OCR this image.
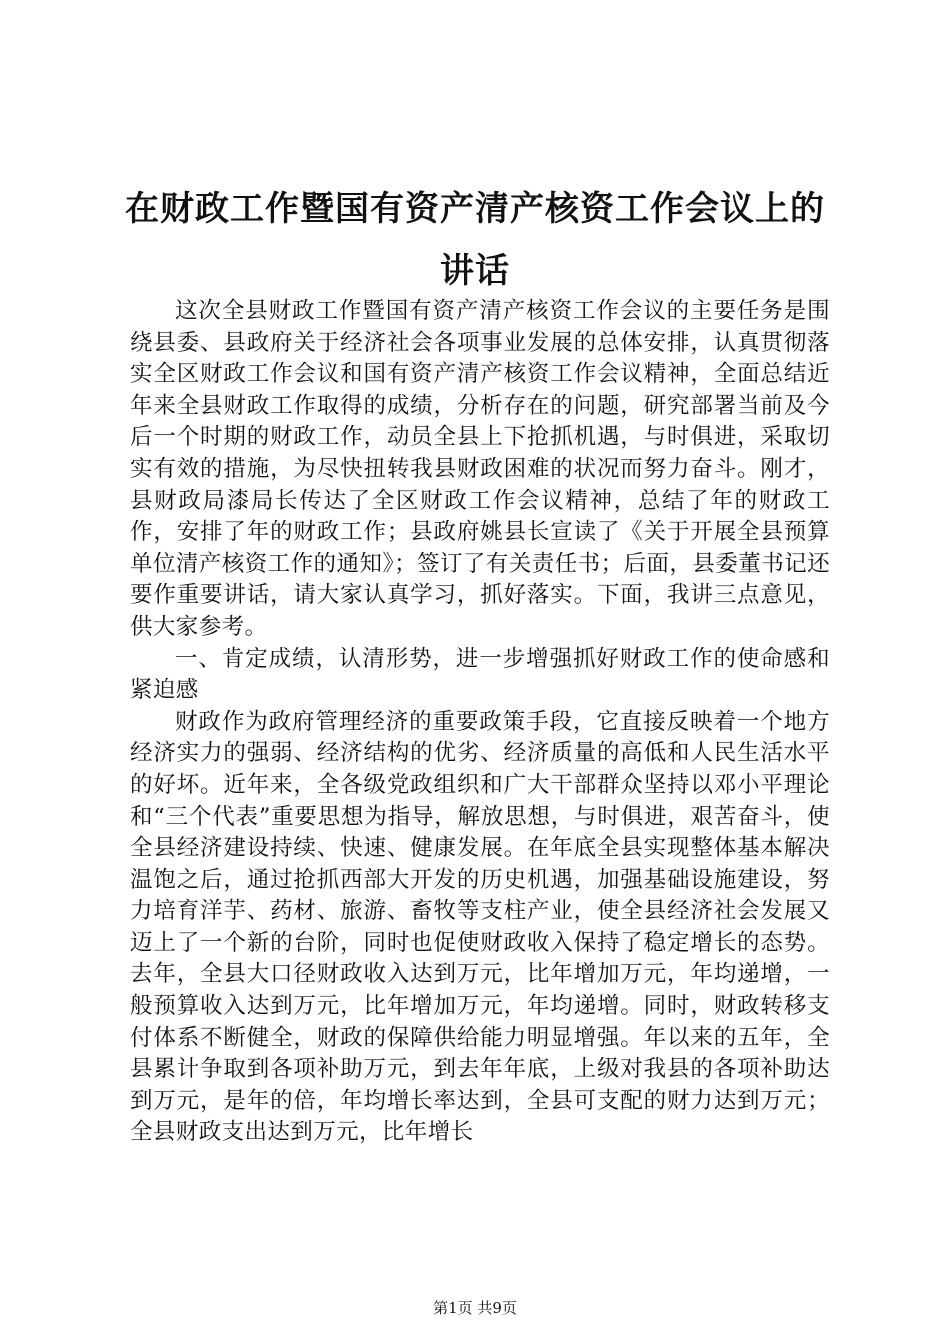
在财政工作暨国有资产清产核资工作会议上的
讲话

这次全县财政工作暨国有资产清产核资工作会议的主要任务是围绕县委、县政府关于经济社会各项事业发展的总体安排，认真贯彻落实全区财政工作会议和国有资产清产核资工作会议精神，全面总结近年来全县财政工作取得的成绩，分析存在的问题，研究部署当前及今后一个时期的财政工作，动员全县上下抢抓机遇，与时俱进，采取切实有效的措施，为尽快扭转我县财政困难的状况而努力奋斗。刚才，县财政局漆局长传达了全区财政工作会议精神，总结了年的财政工作，安排了年的财政工作；县政府姚县长宣读了《关于开展全县预算单位清产核资工作的通知》；签订了有关责任书；后面，县委董书记还要作重要讲话，请大家认真学习，抓好落实。下面，我讲三点意见，供大家参考。

一、肯定成绩，认清形势，进一步增强抓好财政工作的使命感和紧迫感

财政作为政府管理经济的重要政策手段，它直接反映着一个地方经济实力的强弱、经济结构的优劣、经济质量的高低和人民生活水平的好坏。近年来，全各级党政组织和广大干部群众坚持以邓小平理论和“三个代表”重要思想为指导，解放思想，与时俱进，艰苦奋斗，使全县经济建设持续、快速、健康发展。在年底全县实现整体基本解决温饱之后，通过抢抓西部大开发的历史机遇，加强基础设施建设，努力培育洋芋、药材、旅游、畜牧等支柱产业，使全县经济社会发展又迈上了一个新的台阶，同时也促使财政收入保持了稳定增长的态势。去年，全县大口径财政收入达到万元，比年增加万元，年均递增，一般预算收入达到万元，比年增加万元，年均递增。同时，财政转移支付体系不断健全，财政的保障供给能力明显增强。年以来的五年，全县累计争取到各项补助万元，到去年年底，上级对我县的各项补助达到万元，是年的倍，年均增长率达到，全县可支配的财力达到万元；全县财政支出达到万元，比年增长

第1页 共9页
